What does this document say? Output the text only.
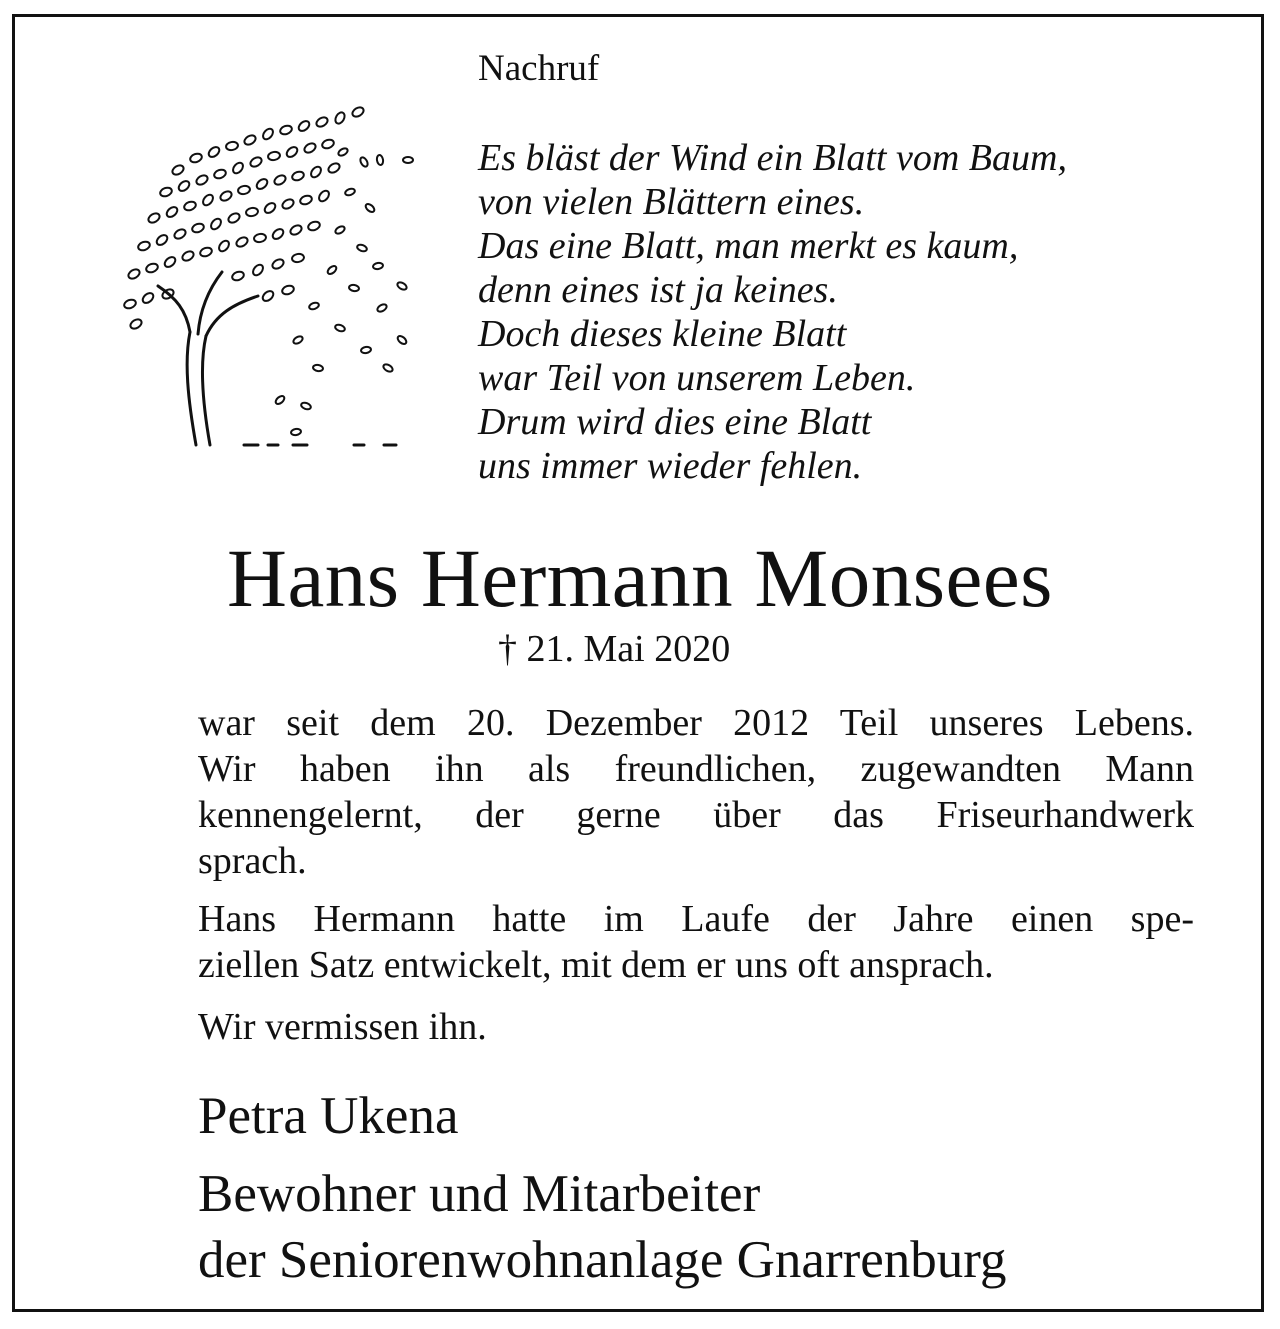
Nachruf
Es bläst der Wind ein Blatt vom Baum,
von vielen Blättern eines.
Das eine Blatt, man merkt es kaum,
denn eines ist ja keines.
Doch dieses kleine Blatt
war Teil von unserem Leben.
Drum wird dies eine Blatt
uns immer wieder fehlen.
Hans Hermann Monsees
† 21. Mai 2020
war seit dem 20. Dezember 2012 Teil unseres Lebens.
Wir haben ihn als freundlichen, zugewandten Mann
kennengelernt, der gerne über das Friseurhandwerk
sprach.
Hans Hermann hatte im Laufe der Jahre einen spe-
ziellen Satz entwickelt, mit dem er uns oft ansprach.
Wir vermissen ihn.
Petra Ukena
Bewohner und Mitarbeiter
der Seniorenwohnanlage Gnarrenburg
